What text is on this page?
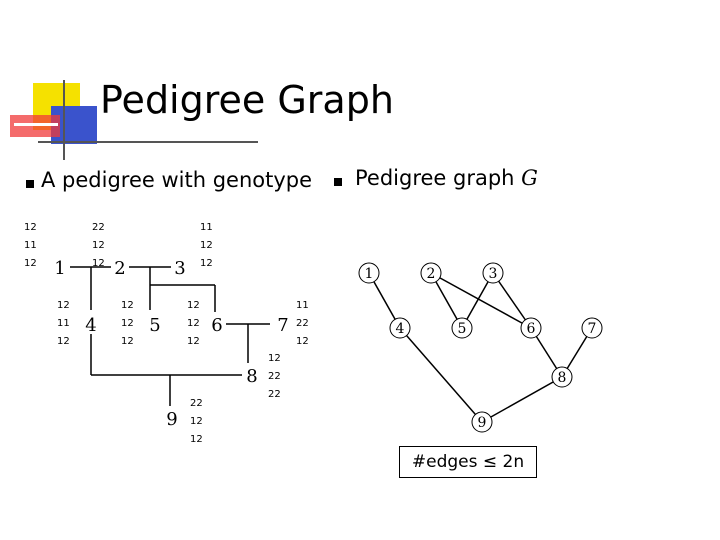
Pedigree Graph
A pedigree with genotype Pedigree graph G
1	2	3
4	5	6	7
8
9
12
11
12
22
12
12
11
12
12
12
11
12
12
12
12
12
12
12
11
22
12
12
22
22
22
12
12
1	2	3
4	5	6	7
8
9
#edges ≤ 2n
